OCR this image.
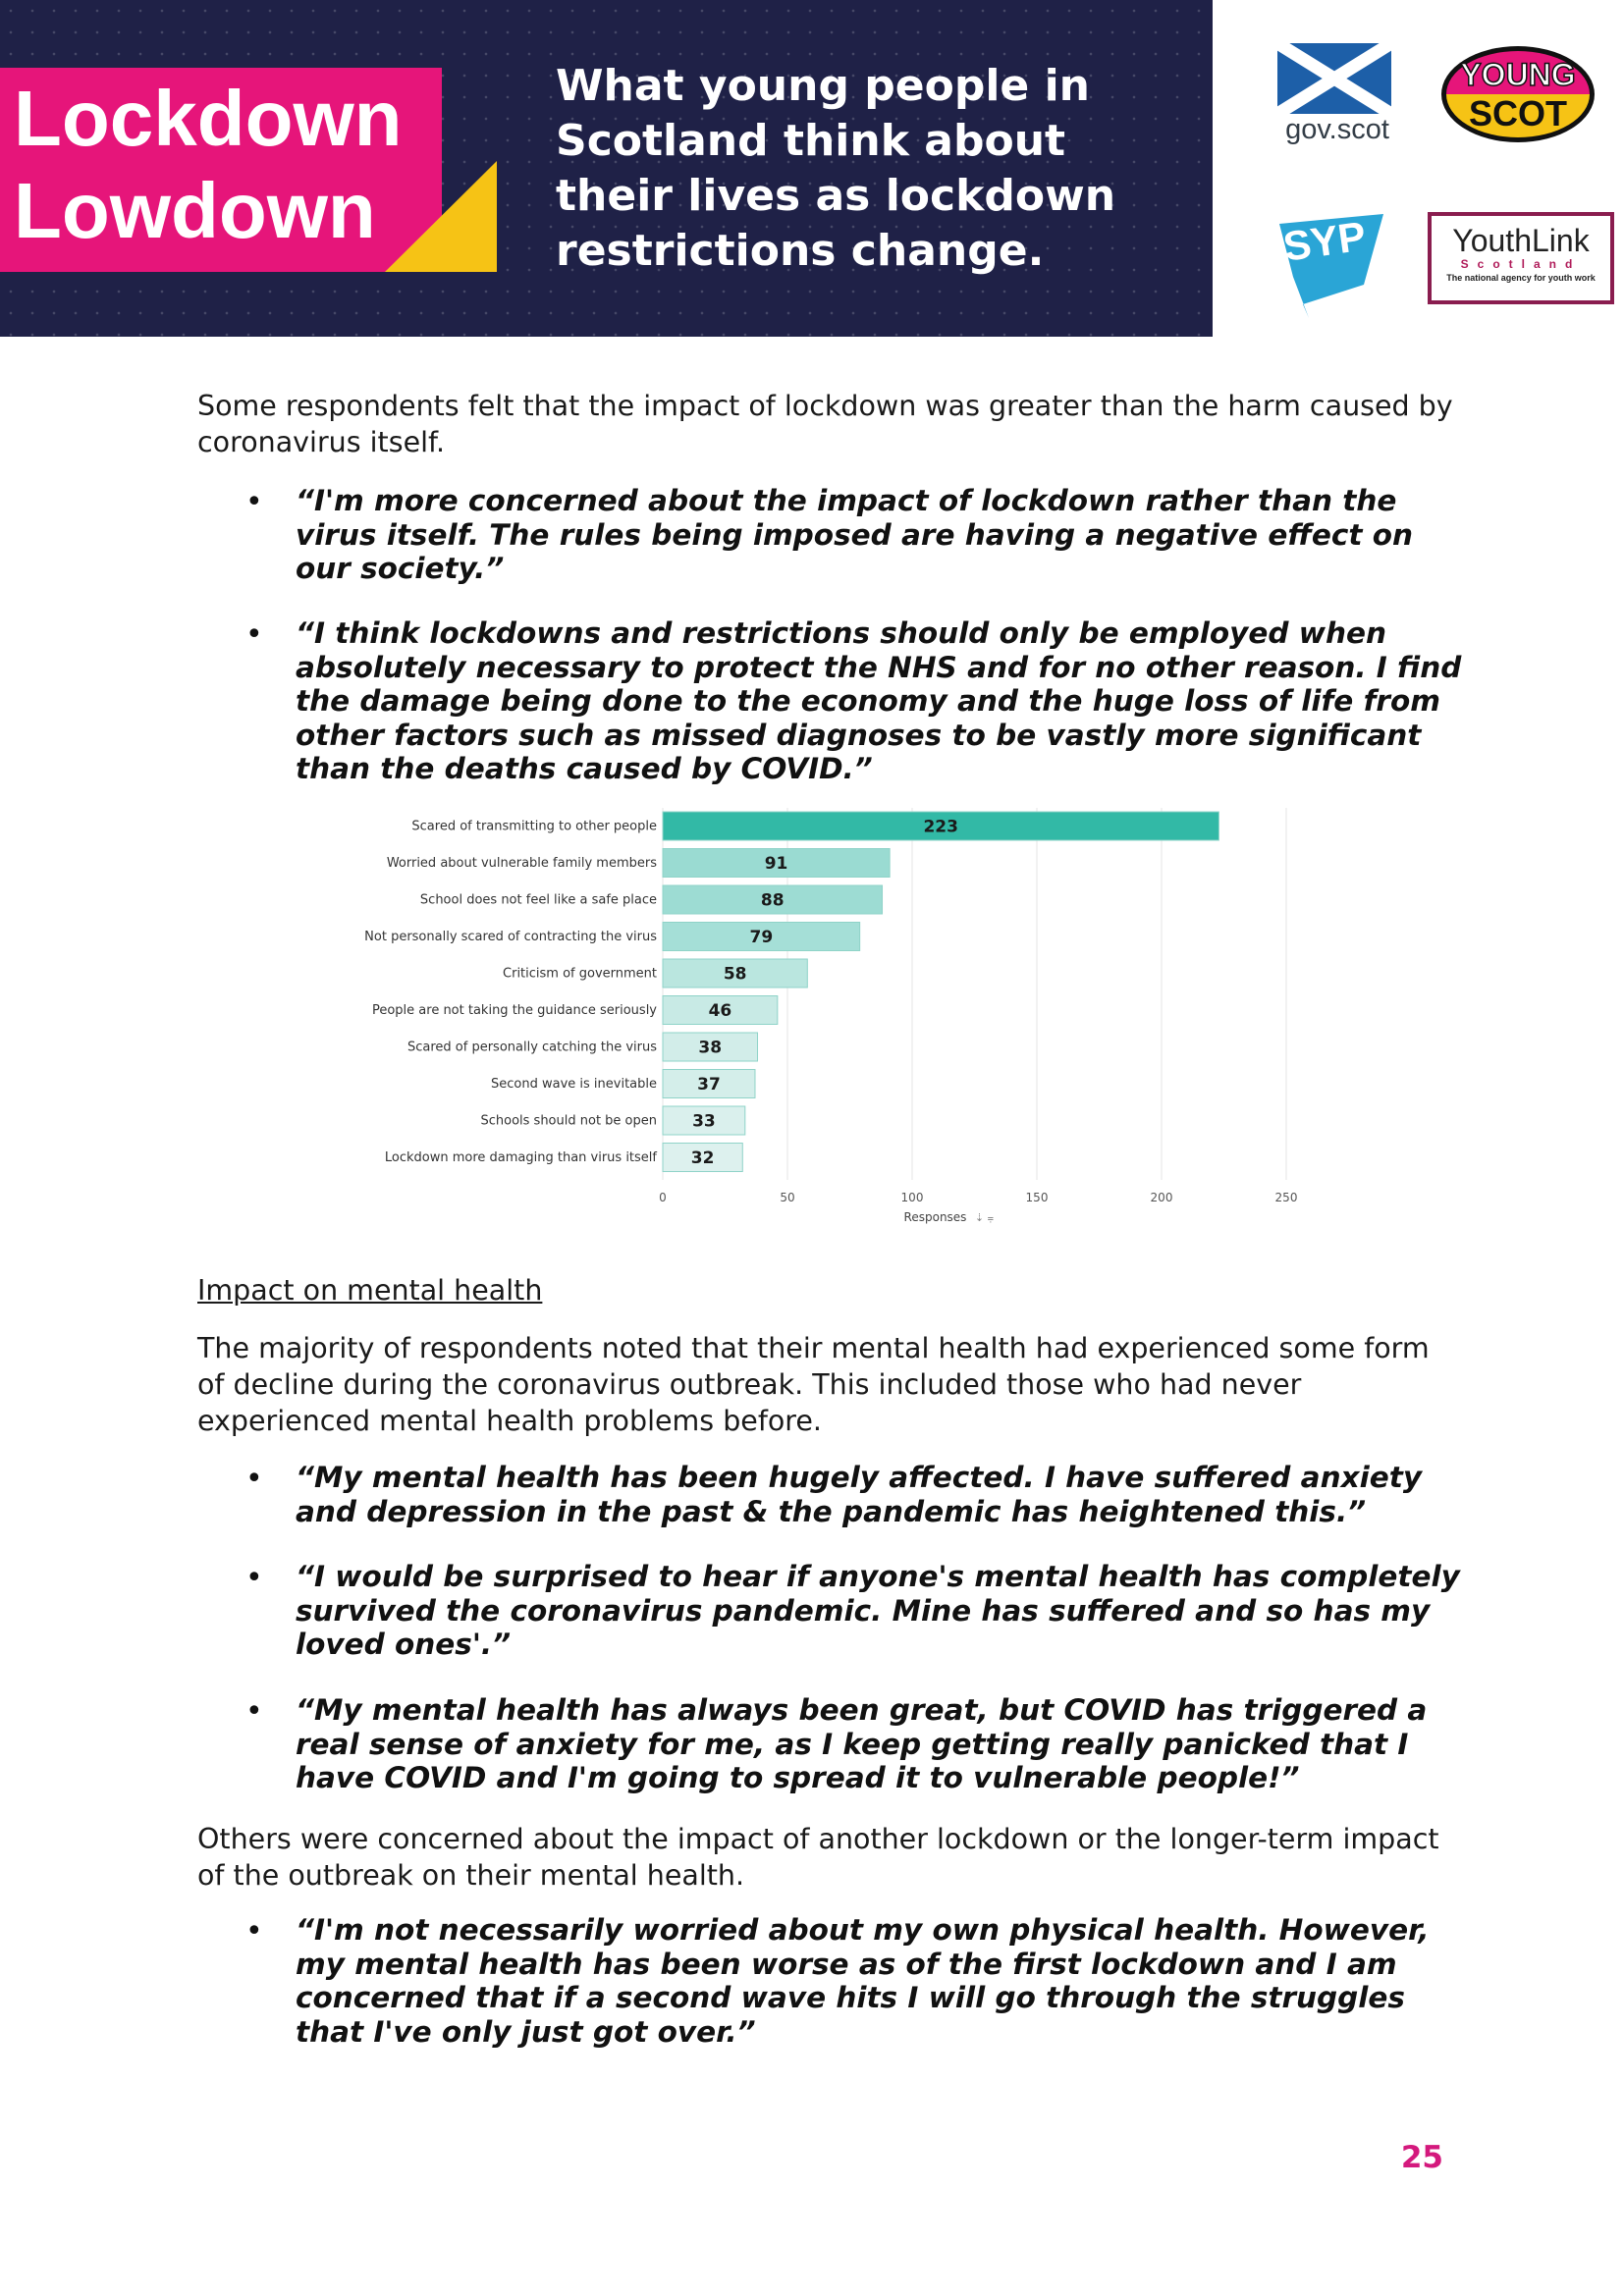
Lockdown
Lowdown
What young people in
Scotland think about
their lives as lockdown
restrictions change.
gov.scot
YOUNG
SCOT
SYP	YouthLink
Scotland
The national agency for youth work
Some respondents felt that the impact of lockdown was greater than the harm caused by coronavirus itself.
• “I'm more concerned about the impact of lockdown rather than the virus itself. The rules being imposed are having a negative effect on our society.”
• “I think lockdowns and restrictions should only be employed when absolutely necessary to protect the NHS and for no other reason. I find the damage being done to the economy and the huge loss of life from other factors such as missed diagnoses to be vastly more significant than the deaths caused by COVID.”
0	50	100	150	200	250
Scared of transmitting to other people	223
Worried about vulnerable family members	91
School does not feel like a safe place	88
Not personally scared of contracting the virus	79
Criticism of government	58
People are not taking the guidance seriously	46
Scared of personally catching the virus 38
Second wave is inevitable 37
Schools should not be open 33
Lockdown more damaging than virus itself 32
Responses ⇣ ⩦
Impact on mental health
The majority of respondents noted that their mental health had experienced some form of decline during the coronavirus outbreak. This included those who had never experienced mental health problems before.
• “My mental health has been hugely affected. I have suffered anxiety and depression in the past & the pandemic has heightened this.”
• “I would be surprised to hear if anyone's mental health has completely survived the coronavirus pandemic. Mine has suffered and so has my loved ones'.”
• “My mental health has always been great, but COVID has triggered a real sense of anxiety for me, as I keep getting really panicked that I have COVID and I'm going to spread it to vulnerable people!”
Others were concerned about the impact of another lockdown or the longer-term impact of the outbreak on their mental health.
• “I'm not necessarily worried about my own physical health. However, my mental health has been worse as of the first lockdown and I am concerned that if a second wave hits I will go through the struggles that I've only just got over.”
25
